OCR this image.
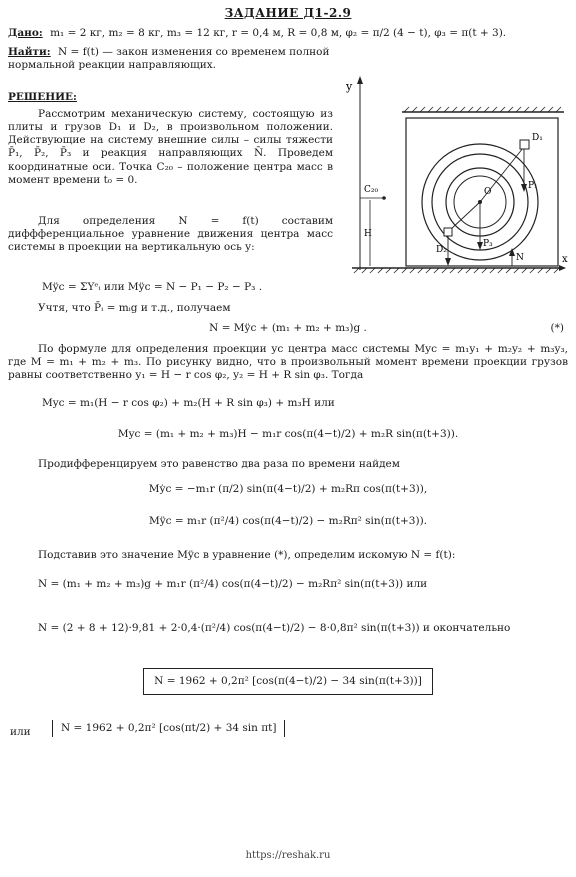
ЗАДАНИЕ Д1-2.9
Дано: m₁ = 2 кг, m₂ = 8 кг, m₃ = 12 кг, r = 0,4 м, R = 0,8 м, φ₂ = π/2 (4 − t), φ₃ = π(t + 3).
Найти: N = f(t) — закон изменения со временем полной нормальной реакции направляющих.
РЕШЕНИЕ:
Рассмотрим механическую систему, состоящую из плиты и грузов D₁ и D₂, в произвольном положении. Действующие на систему внешние силы – силы тяжести P̄₁, P̄₂, P̄₃ и реакция направляющих N̄. Проведем координатные оси. Точка C₂₀ – положение центра масс в момент времени t₀ = 0.
y
x
C₂₀
H
D₁
D₂
O
P₁
P₃
N
Для определения N = f(t) составим диффференциальное уравнение движения центра масс системы в проекции на вертикальную ось y:
Mÿc = ΣYᵉᵢ или Mÿc = N − P₁ − P₂ − P₃ .
Учтя, что P̄ᵢ = mᵢg и т.д., получаем
N = Mÿc + (m₁ + m₂ + m₃)g .	(*)
По формуле для определения проекции yc центра масс системы Myc = m₁y₁ + m₂y₂ + m₃y₃, где M = m₁ + m₂ + m₃. По рисунку видно, что в произвольный момент времени проекции грузов равны соответственно y₁ = H − r cos φ₂, y₂ = H + R sin φ₃. Тогда
Myc = m₁(H − r cos φ₂) + m₂(H + R sin φ₃) + m₃H или
Myc = (m₁ + m₂ + m₃)H − m₁r cos(π(4−t)/2) + m₂R sin(π(t+3)).
Продифференцируем это равенство два раза по времени найдем
Mẏc = −m₁r (π/2) sin(π(4−t)/2) + m₂Rπ cos(π(t+3)),
Mÿc = m₁r (π²/4) cos(π(4−t)/2) − m₂Rπ² sin(π(t+3)).
Подставив это значение Mÿc в уравнение (*), определим искомую N = f(t):
N = (m₁ + m₂ + m₃)g + m₁r (π²/4) cos(π(4−t)/2) − m₂Rπ² sin(π(t+3)) или
N = (2 + 8 + 12)·9,81 + 2·0,4·(π²/4) cos(π(4−t)/2) − 8·0,8π² sin(π(t+3)) и окончательно
N = 1962 + 0,2π² [cos(π(4−t)/2) − 34 sin(π(t+3))]
или	N = 1962 + 0,2π² [cos(πt/2) + 34 sin πt]
https://reshak.ru
